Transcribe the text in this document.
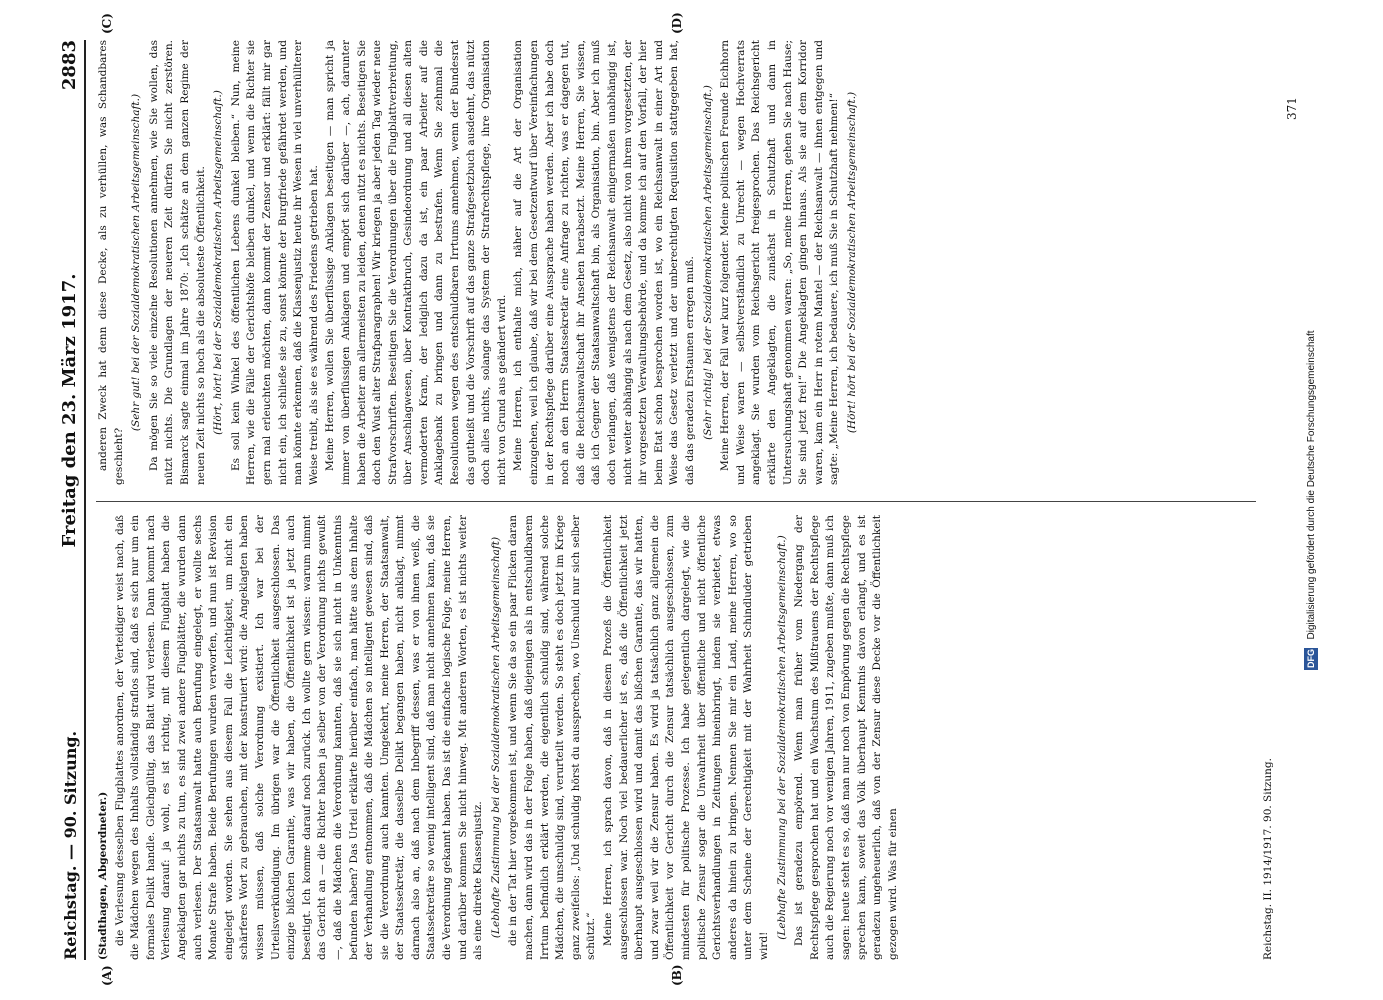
Reichstag. — 90. Sitzung.
Freitag den 23. März 1917.
2883
(A)	(B)
(C)	(D)

(Stadthagen, Abgeordneter.) die Verlesung desselben Flugblattes anordnen, der Verteidiger weist nach, daß die Mädchen wegen des Inhalts vollständig straflos sind, daß es sich nur um ein formales Delikt handle. Gleichgültig, das Blatt wird verlesen. Dann kommt nach Verlesung darauf: ja wohl, es ist richtig, mit diesem Flugblatt haben die Angeklagten gar nichts zu tun, es sind zwei andere Flugblätter, die wurden dann auch verlesen. Der Staatsanwalt hatte auch Berufung eingelegt, er wollte sechs Monate Strafe haben. Beide Berufungen wurden verworfen, und nun ist Revision eingelegt worden. Sie sehen aus diesem Fall die Leichtigkeit, um nicht ein schärferes Wort zu gebrauchen, mit der konstruiert wird: die Angeklagten haben wissen müssen, daß solche Verordnung existiert. Ich war bei der Urteilsverkündigung. Im übrigen war die Öffentlichkeit ausgeschlossen. Das einzige bißchen Garantie, was wir haben, die Öffentlichkeit ist ja jetzt auch beseitigt. Ich komme darauf noch zurück. Ich wollte gern wissen: warum nimmt das Gericht an — die Richter haben ja selber von der Verordnung nichts gewußt —, daß die Mädchen die Verordnung kannten, daß sie sich nicht in Unkenntnis befunden haben? Das Urteil erklärte hierüber einfach, man hätte aus dem Inhalte der Verhandlung entnommen, daß die Mädchen so intelligent gewesen sind, daß sie die Verordnung auch kannten. Umgekehrt, meine Herren, der Staatsanwalt, der Staatssekretär, die dasselbe Delikt begangen haben, nicht anklagt, nimmt darnach also an, daß nach dem Inbegriff dessen, was er von ihnen weiß, die Staatssekretäre so wenig intelligent sind, daß man nicht annehmen kann, daß sie die Verordnung gekannt haben. Das ist die einfache logische Folge, meine Herren, und darüber kommen Sie nicht hinweg. Mit anderen Worten, es ist nichts weiter als eine direkte Klassenjustiz. (Lebhafte Zustimmung bei der Sozialdemokratischen Arbeitsgemeinschaft) die in der Tat hier vorgekommen ist, und wenn Sie da so ein paar Flicken daran machen, dann wird das in der Folge haben, daß diejenigen als in entschuldbarem Irrtum befindlich erklärt werden, die eigentlich schuldig sind, während solche Mädchen, die unschuldig sind, verurteilt werden. So steht es doch jetzt im Kriege ganz zweifellos: „Und schuldig hörst du aussprechen, wo Unschuld nur sich selber schützt.“ Meine Herren, ich sprach davon, daß in diesem Prozeß die Öffentlichkeit ausgeschlossen war. Noch viel bedauerlicher ist es, daß die Öffentlichkeit jetzt überhaupt ausgeschlossen wird und damit das bißchen Garantie, das wir hatten, und zwar weil wir die Zensur haben. Es wird ja tatsächlich ganz allgemein die Öffentlichkeit vor Gericht durch die Zensur tatsächlich ausgeschlossen, zum mindesten für politische Prozesse. Ich habe gelegentlich dargelegt, wie die politische Zensur sogar die Unwahrheit über öffentliche und nicht öffentliche Gerichtsverhandlungen in Zeitungen hineinbringt, indem sie verbietet, etwas anderes da hinein zu bringen. Nennen Sie mir ein Land, meine Herren, wo so unter dem Scheine der Gerechtigkeit mit der Wahrheit Schindluder getrieben wird!

(Lebhafte Zustimmung bei der Sozialdemokratischen Arbeitsgemeinschaft.) Das ist geradezu empörend. Wenn man früher vom Niedergang der Rechtspflege gesprochen hat und ein Wachstum des Mißtrauens der Rechtspflege auch die Regierung noch vor wenigen Jahren, 1911, zugeben mußte, dann muß ich sagen: heute steht es so, daß man nur noch von Empörung gegen die Rechtspflege sprechen kann, soweit das Volk überhaupt Kenntnis davon erlangt, und es ist geradezu ungeheuerlich, daß von der Zensur diese Decke vor die Öffentlichkeit gezogen wird. Was für einen

anderen Zweck hat denn diese Decke, als zu verhüllen, was Schandbares geschieht?

(Sehr gut! bei der Sozialdemokratischen Arbeitsgemeinschaft.) Da mögen Sie so viele einzelne Resolutionen annehmen, wie Sie wollen, das nützt nichts. Die Grundlagen der neueren Zeit dürfen Sie nicht zerstören. Bismarck sagte einmal im Jahre 1870: „Ich schätze an dem ganzen Regime der neuen Zeit nichts so hoch als die absoluteste Öffentlichkeit. (Hört, hört! bei der Sozialdemokratischen Arbeitsgemeinschaft.) Es soll kein Winkel des öffentlichen Lebens dunkel bleiben.“ Nun, meine Herren, wie die Fälle der Gerichtshöfe bleiben dunkel, und wenn die Richter sie gern mal erleuchten möchten, dann kommt der Zensor und erklärt: fällt mir gar nicht ein, ich schließe sie zu, sonst könnte der Burgfriede gefährdet werden, und man könnte erkennen, daß die Klassenjustiz heute ihr Wesen in viel unverhüllterer Weise treibt, als sie es während des Friedens getrieben hat. Meine Herren, wollen Sie überflüssige Anklagen beseitigen — man spricht ja immer von überflüssigen Anklagen und empört sich darüber —, ach, darunter haben die Arbeiter am allermeisten zu leiden, denen nützt es nichts. Beseitigen Sie doch den Wust alter Strafparagraphen! Wir kriegen ja aber jeden Tag wieder neue Strafvorschriften. Beseitigen Sie die Verordnungen über die Flugblattverbreitung, über Anschlagwesen, über Kontraktbruch, Gesindeordnung und all diesen alten vermoderten Kram, der lediglich dazu da ist, ein paar Arbeiter auf die Anklagebank zu bringen und dann zu bestrafen. Wenn Sie zehnmal die Resolutionen wegen des entschuldbaren Irrtums annehmen, wenn der Bundesrat das gutheißt und die Vorschrift auf das ganze Strafgesetzbuch ausdehnt, das nützt doch alles nichts, solange das System der Strafrechtspflege, ihre Organisation nicht von Grund aus geändert wird. Meine Herren, ich enthalte mich, näher auf die Art der Organisation einzugehen, weil ich glaube, daß wir bei dem Gesetzentwurf über Vereinfachungen in der Rechtspflege darüber eine Aussprache haben werden. Aber ich habe doch noch an den Herrn Staatssekretär eine Anfrage zu richten, was er dagegen tut, daß die Reichsanwaltschaft ihr Ansehen herabsetzt. Meine Herren, Sie wissen, daß ich Gegner der Staatsanwaltschaft bin, als Organisation, bin. Aber ich muß doch verlangen, daß wenigstens der Reichsanwalt einigermaßen unabhängig ist, nicht weiter abhängig als nach dem Gesetz, also nicht von ihrem vorgesetzten, der ihr vorgesetzten Verwaltungsbehörde, und da komme ich auf den Vorfall, der hier beim Etat schon besprochen worden ist, wo ein Reichsanwalt in einer Art und Weise das Gesetz verletzt und der unberechtigten Requisition stattgegeben hat, daß das geradezu Erstaunen erregen muß. (Sehr richtig! bei der Sozialdemokratischen Arbeitsgemeinschaft.) Meine Herren, der Fall war kurz folgender. Meine politischen Freunde Eichhorn und Weise waren — selbstverständlich zu Unrecht — wegen Hochverrats angeklagt. Sie wurden vom Reichsgericht freigesprochen. Das Reichsgericht erklärte den Angeklagten, die zunächst in Schutzhaft und dann in Untersuchungshaft genommen waren: „So, meine Herren, gehen Sie nach Hause; Sie sind jetzt frei!“ Die Angeklagten gingen hinaus. Als sie auf dem Korridor waren, kam ein Herr in rotem Mantel — der Reichsanwalt — ihnen entgegen und sagte: „Meine Herren, ich bedauere, ich muß Sie in Schutzhaft nehmen!“ (Hört! hört bei der Sozialdemokratischen Arbeitsgemeinschaft.)

Reichstag. II. 1914/1917. 90. Sitzung.
371
DFG
Digitalisierung gefördert durch die Deutsche Forschungsgemeinschaft
